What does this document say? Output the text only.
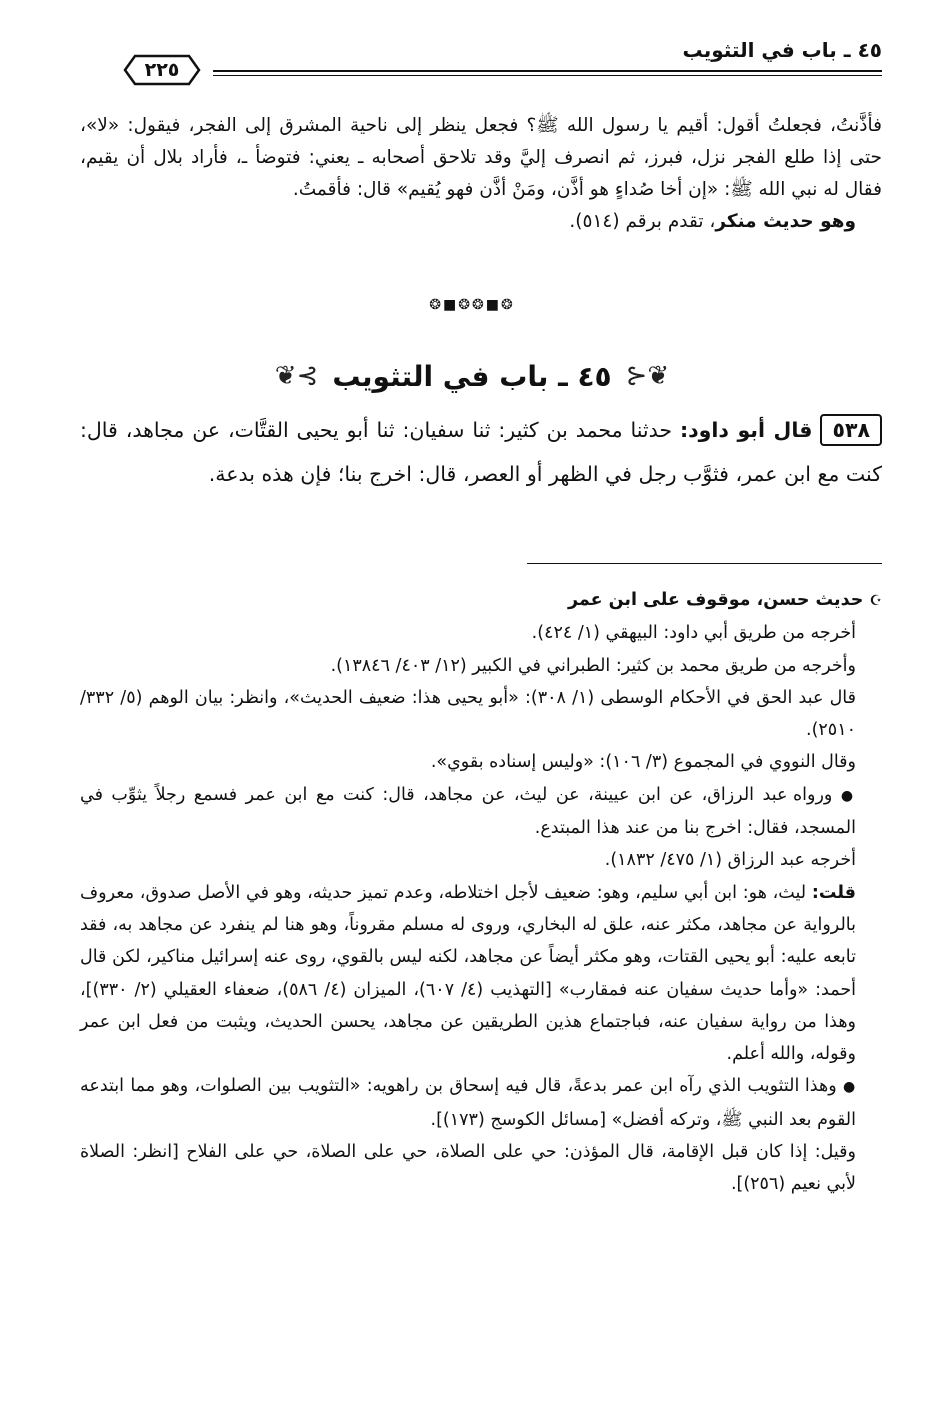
٤٥ ـ باب في التثويب
٢٢٥

فأذَّنتُ، فجعلتُ أقول: أقيم يا رسول الله ﷺ؟ فجعل ينظر إلى ناحية المشرق إلى الفجر، فيقول: «لا»، حتى إذا طلع الفجر نزل، فبرز، ثم انصرف إليَّ وقد تلاحق أصحابه ـ يعني: فتوضأ ـ، فأراد بلال أن يقيم، فقال له نبي الله ﷺ: «إن أخا صُداءٍ هو أذَّن، ومَنْ أذَّن فهو يُقيم» قال: فأقمتُ.

وهو حديث منكر، تقدم برقم (٥١٤).

❂■❂❂■❂
❦⊰
٤٥ ـ باب في التثويب
⊱❦

٥٣٨قال أبو داود: حدثنا محمد بن كثير: ثنا سفيان: ثنا أبو يحيى القتَّات، عن مجاهد، قال: كنت مع ابن عمر، فثوَّب رجل في الظهر أو العصر، قال: اخرج بنا؛ فإن هذه بدعة.

☪ حديث حسن، موقوف على ابن عمر

أخرجه من طريق أبي داود: البيهقي (١/ ٤٢٤).

وأخرجه من طريق محمد بن كثير: الطبراني في الكبير (١٢/ ٤٠٣/ ١٣٨٤٦).

قال عبد الحق في الأحكام الوسطى (١/ ٣٠٨): «أبو يحيى هذا: ضعيف الحديث»، وانظر: بيان الوهم (٥/ ٣٣٢/ ٢٥١٠).

وقال النووي في المجموع (٣/ ١٠٦): «وليس إسناده بقوي».

● ورواه عبد الرزاق، عن ابن عيينة، عن ليث، عن مجاهد، قال: كنت مع ابن عمر فسمع رجلاً يثوِّب في المسجد، فقال: اخرج بنا من عند هذا المبتدع.

أخرجه عبد الرزاق (١/ ٤٧٥/ ١٨٣٢).

قلت: ليث، هو: ابن أبي سليم، وهو: ضعيف لأجل اختلاطه، وعدم تميز حديثه، وهو في الأصل صدوق، معروف بالرواية عن مجاهد، مكثر عنه، علق له البخاري، وروى له مسلم مقروناً، وهو هنا لم ينفرد عن مجاهد به، فقد تابعه عليه: أبو يحيى القتات، وهو مكثر أيضاً عن مجاهد، لكنه ليس بالقوي، روى عنه إسرائيل مناكير، لكن قال أحمد: «وأما حديث سفيان عنه فمقارب» [التهذيب (٤/ ٦٠٧)، الميزان (٤/ ٥٨٦)، ضعفاء العقيلي (٢/ ٣٣٠)]، وهذا من رواية سفيان عنه، فباجتماع هذين الطريقين عن مجاهد، يحسن الحديث، ويثبت من فعل ابن عمر وقوله، والله أعلم.

● وهذا التثويب الذي رآه ابن عمر بدعةً، قال فيه إسحاق بن راهويه: «التثويب بين الصلوات، وهو مما ابتدعه القوم بعد النبي ﷺ، وتركه أفضل» [مسائل الكوسج (١٧٣)].

وقيل: إذا كان قبل الإقامة، قال المؤذن: حي على الصلاة، حي على الصلاة، حي على الفلاح [انظر: الصلاة لأبي نعيم (٢٥٦)].
